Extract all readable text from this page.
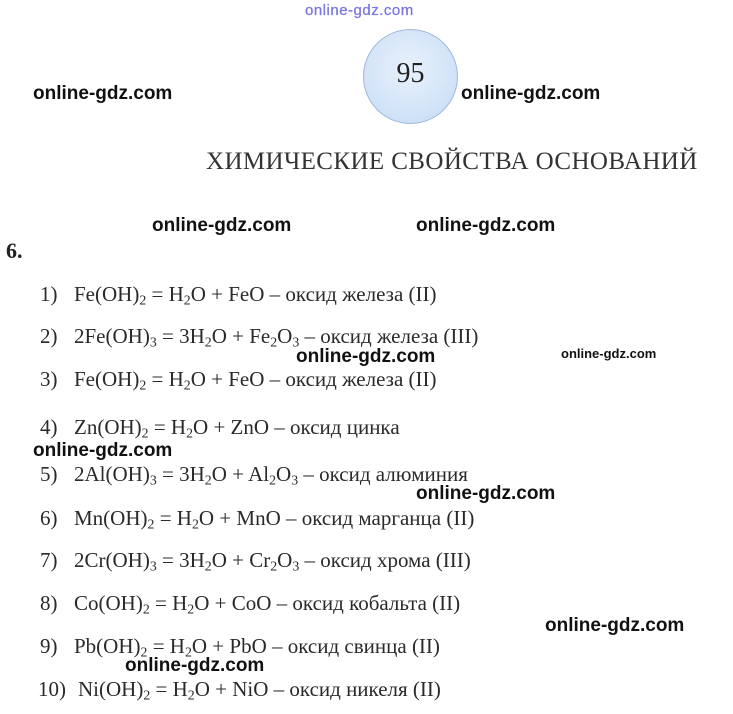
online-gdz.com
online-gdz.com	online-gdz.com
online-gdz.com	online-gdz.com
95
ХИМИЧЕСКИЕ СВОЙСТВА ОСНОВАНИЙ
6.
1) $Fe(OH)_2 = H_2O$ + FeO – оксид железа (II)
2) $2Fe(OH)_3 = 3H_2O + Fe_2O_3$ – оксид железа (III)
3) $Fe(OH)_2 = H_2O$ + FeO – оксид железа (II)
4) $Zn(OH)_2 = H_2O$ + ZnO – оксид цинка
5) $2Al(OH)_3 = 3H_2O + Al_2O_3$ – оксид алюминия
6) $Mn(OH)_2 = H_2O$ + MnO – оксид марганца (II)
7) $2Cr(OH)_3 = 3H_2O + Cr_2O_3$ – оксид хрома (III)
8) $Co(OH)_2 = H_2O$ + CoO – оксид кобальта (II)
9) $Pb(OH)_2 = H_2O$ + PbO – оксид свинца (II)
10) $Ni(OH)_2 = H_2O$ + NiO – оксид никеля (II)
online-gdz.com	online-gdz.com
online-gdz.com
online-gdz.com
online-gdz.com
online-gdz.com
